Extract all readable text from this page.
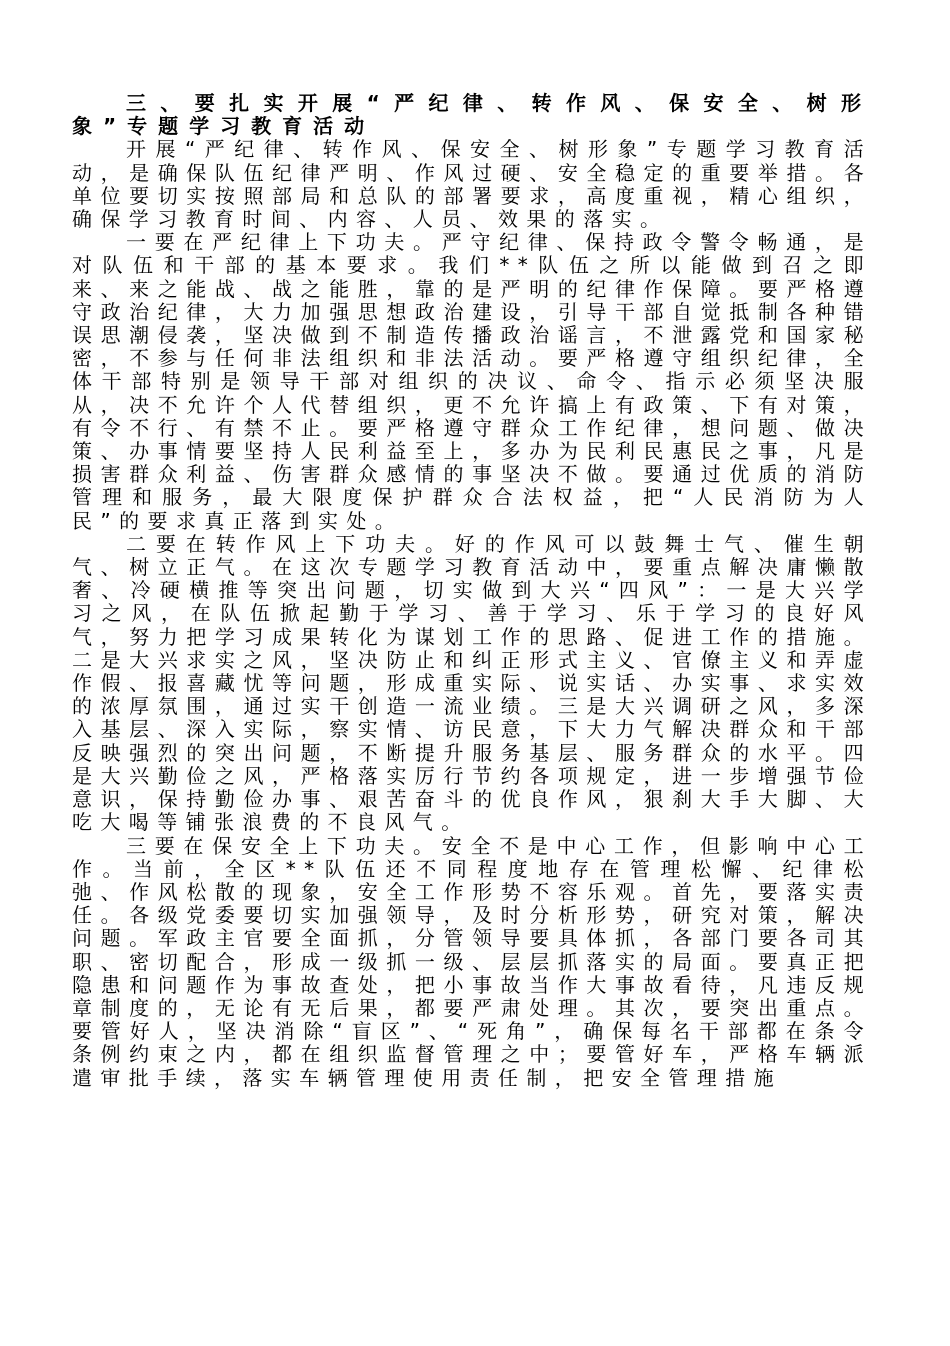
三、要扎实开展“严纪律、转作风、保安全、树形象”专题学习教育活动

开展“严纪律、转作风、保安全、树形象”专题学习教育活动，是确保队伍纪律严明、作风过硬、安全稳定的重要举措。各单位要切实按照部局和总队的部署要求，高度重视，精心组织，确保学习教育时间、内容、人员、效果的落实。

一要在严纪律上下功夫。严守纪律、保持政令警令畅通，是对队伍和干部的基本要求。我们**队伍之所以能做到召之即来、来之能战、战之能胜，靠的是严明的纪律作保障。要严格遵守政治纪律，大力加强思想政治建设，引导干部自觉抵制各种错误思潮侵袭，坚决做到不制造传播政治谣言，不泄露党和国家秘密，不参与任何非法组织和非法活动。要严格遵守组织纪律，全体干部特别是领导干部对组织的决议、命令、指示必须坚决服从，决不允许个人代替组织，更不允许搞上有政策、下有对策，有令不行、有禁不止。要严格遵守群众工作纪律，想问题、做决策、办事情要坚持人民利益至上，多办为民利民惠民之事，凡是损害群众利益、伤害群众感情的事坚决不做。要通过优质的消防管理和服务，最大限度保护群众合法权益，把“人民消防为人民”的要求真正落到实处。

二要在转作风上下功夫。好的作风可以鼓舞士气、催生朝气、树立正气。在这次专题学习教育活动中，要重点解决庸懒散奢、冷硬横推等突出问题，切实做到大兴“四风”：一是大兴学习之风，在队伍掀起勤于学习、善于学习、乐于学习的良好风气，努力把学习成果转化为谋划工作的思路、促进工作的措施。二是大兴求实之风，坚决防止和纠正形式主义、官僚主义和弄虚作假、报喜藏忧等问题，形成重实际、说实话、办实事、求实效的浓厚氛围，通过实干创造一流业绩。三是大兴调研之风，多深入基层、深入实际，察实情、访民意，下大力气解决群众和干部反映强烈的突出问题，不断提升服务基层、服务群众的水平。四是大兴勤俭之风，严格落实厉行节约各项规定，进一步增强节俭意识，保持勤俭办事、艰苦奋斗的优良作风，狠刹大手大脚、大吃大喝等铺张浪费的不良风气。

三要在保安全上下功夫。安全不是中心工作，但影响中心工作。当前，全区**队伍还不同程度地存在管理松懈、纪律松弛、作风松散的现象，安全工作形势不容乐观。首先，要落实责任。各级党委要切实加强领导，及时分析形势，研究对策，解决问题。军政主官要全面抓，分管领导要具体抓，各部门要各司其职、密切配合，形成一级抓一级、层层抓落实的局面。要真正把隐患和问题作为事故查处，把小事故当作大事故看待，凡违反规章制度的，无论有无后果，都要严肃处理。其次，要突出重点。要管好人，坚决消除“盲区”、“死角”，确保每名干部都在条令条例约束之内，都在组织监督管理之中；要管好车，严格车辆派遣审批手续，落实车辆管理使用责任制，把安全管理措施
